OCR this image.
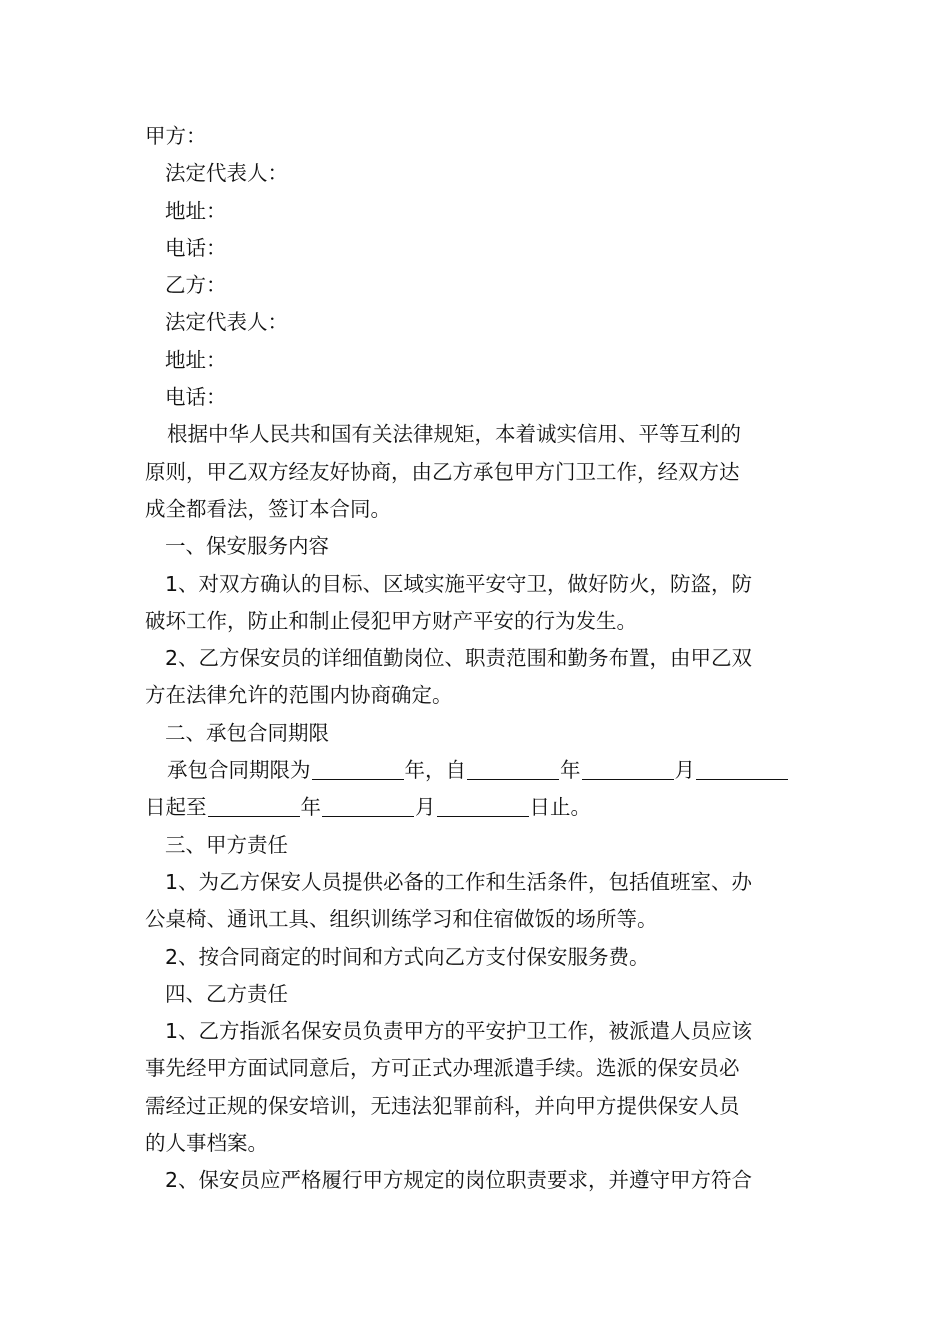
甲方：
法定代表人：
地址：
电话：
乙方：
法定代表人：
地址：
电话：
根据中华人民共和国有关法律规矩，本着诚实信用、平等互利的
原则，甲乙双方经友好协商，由乙方承包甲方门卫工作，经双方达
成全都看法，签订本合同。
一、保安服务内容
1、对双方确认的目标、区域实施平安守卫，做好防火，防盗，防
破坏工作，防止和制止侵犯甲方财产平安的行为发生。
2、乙方保安员的详细值勤岗位、职责范围和勤务布置，由甲乙双
方在法律允许的范围内协商确定。
二、承包合同期限
承包合同期限为	年，自	年	月
日起至	年	月	日止。
三、甲方责任
1、为乙方保安人员提供必备的工作和生活条件，包括值班室、办
公桌椅、通讯工具、组织训练学习和住宿做饭的场所等。
2、按合同商定的时间和方式向乙方支付保安服务费。
四、乙方责任
1、乙方指派名保安员负责甲方的平安护卫工作，被派遣人员应该
事先经甲方面试同意后，方可正式办理派遣手续。选派的保安员必
需经过正规的保安培训，无违法犯罪前科，并向甲方提供保安人员
的人事档案。
2、保安员应严格履行甲方规定的岗位职责要求，并遵守甲方符合
